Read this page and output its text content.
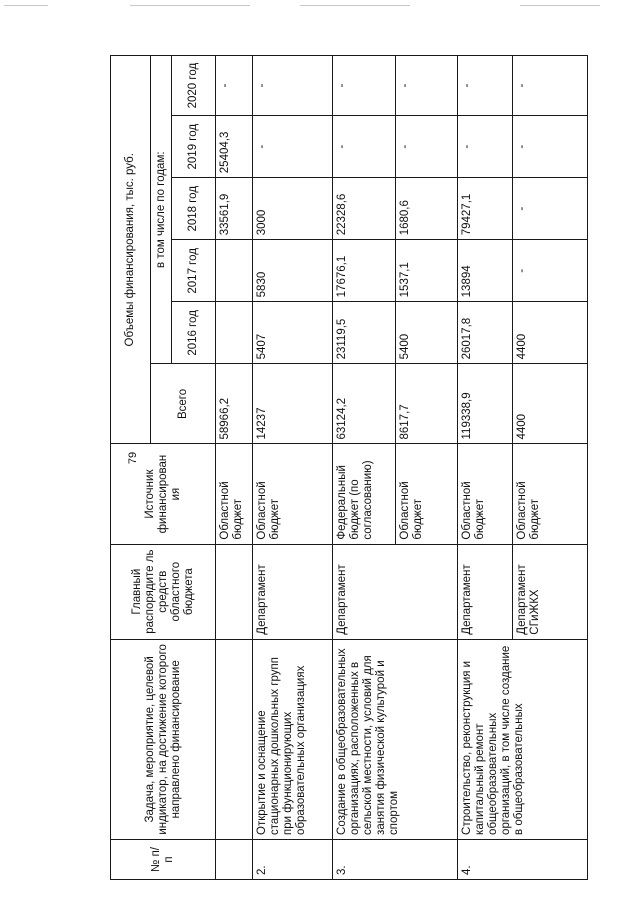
79
№ п/п	Задача, мероприятие, целевой индикатор, на достижение которого направлено финансирование	Главный распорядите ль средств областного бюджета	Источник финансирован ия	Объемы финансирования, тыс. руб.					
				Всего	в том числе по годам:				
					2016 год	2017 год	2018 год	2019 год	2020 год
			Областной бюджет	58966,2			33561,9	25404,3	-
2.	Открытие и оснащение стационарных дошкольных групп при функционирующих образовательных организациях	Департамент	Областной бюджет	14237	5407	5830	3000	-	-
3.	Создание в общеобразовательных организациях, расположенных в сельской местности, условий для занятия физической культурой и спортом	Департамент	Федеральный бюджет (по согласованию)	63124,2	23119,5	17676,1	22328,6	-	-
			Областной бюджет	8617,7	5400	1537,1	1680,6	-	-
4.	Строительство, реконструкция и капитальный ремонт общеобразовательных организаций, в том числе создание в общеобразовательных	Департамент	Областной бюджет	119338,9	26017,8	13894	79427,1	-	-
		Департамент СГиЖКХ	Областной бюджет	4400	4400	-	-	-	-
